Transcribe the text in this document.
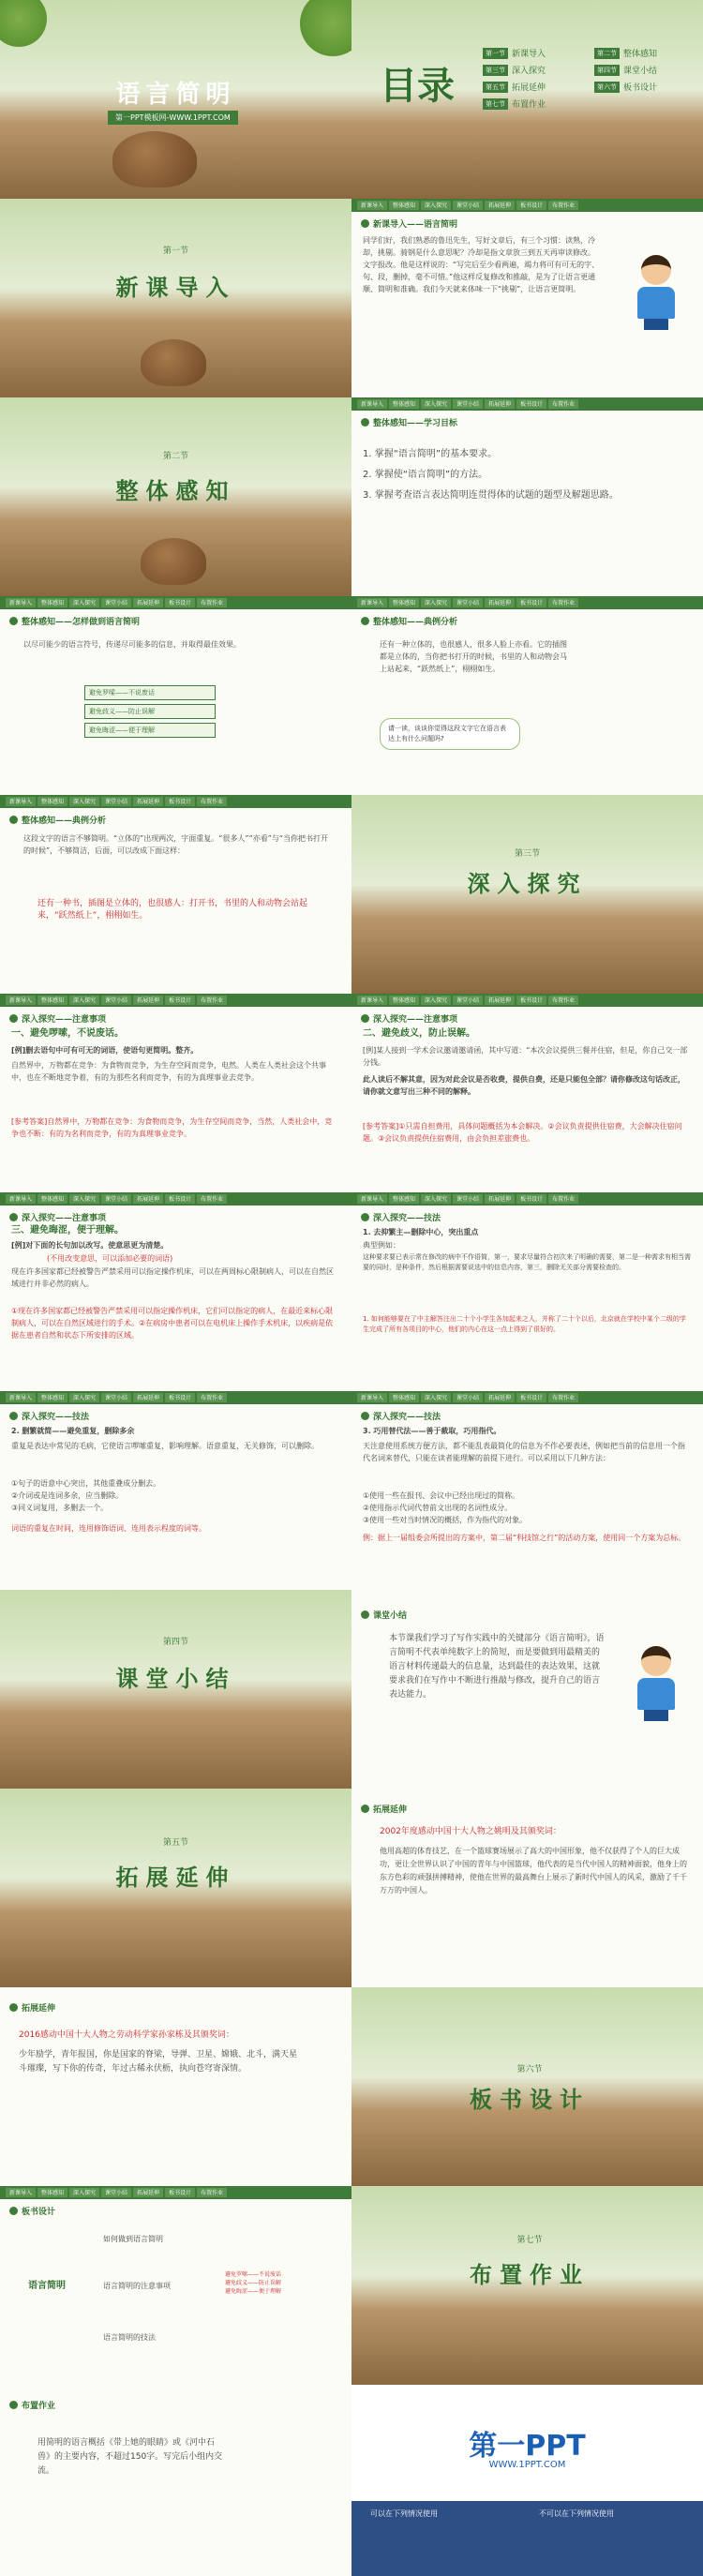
语言简明
第一PPT模板网-WWW.1PPT.COM
目录
第一节 新课导入	第二节 整体感知
第三节 深入探究	第四节 课堂小结
第五节 拓展延伸	第六节 板书设计
第七节 布置作业
第一节
新课导入
新课导入	整体感知	深入探究	课堂小结	拓展延伸	板书设计	布置作业
新课导入——语言简明
同学们好，我们熟悉的鲁迅先生，写好文章后，有三个习惯：读熟，冷却，挑剔。骑钢是什么意思呢？冷却是指文章放三到五天再审读修改。文字报改。他是这样说的：“写完后至少看两遍，竭力将可有可无的字、句、段，删掉，毫不可惜。”他这样反复修改和推敲，是为了让语言更通顺、简明和准确。我们今天就来体味一下“挑剔”，让语言更简明。
第二节
整体感知
新课导入	整体感知	深入探究	课堂小结	拓展延伸	板书设计	布置作业
整体感知——学习目标
1. 掌握“语言简明”的基本要求。
2. 掌握使“语言简明”的方法。
3. 掌握考查语言表达简明连贯得体的试题的题型及解题思路。
新课导入	整体感知	深入探究	课堂小结	拓展延伸	板书设计	布置作业
整体感知——怎样做到语言简明
以尽可能少的语言符号，传递尽可能多的信息，并取得最佳效果。
避免罗嗦——不说废话
避免歧义——防止误解
避免晦涩——便于理解
新课导入	整体感知	深入探究	课堂小结	拓展延伸	板书设计	布置作业
整体感知——典例分析
还有一种立体的，也很感人，很多人脸上亦看。它的插图都是立体的，当你把书打开的时候，书里的人和动物会马上站起来，“跃然纸上”，栩栩如生。
请一读，谈谈你觉得这段文字它在语言表达上有什么问题吗?
新课导入	整体感知	深入探究	课堂小结	拓展延伸	板书设计	布置作业
整体感知——典例分析
这段文字的语言不够简明。“立体的”出现两次，字面重复。“很多人”“亦看”与“当你把书打开的时候”，不够简洁，后面，可以改成下面这样：
还有一种书，插图是立体的，也很感人：打开书，书里的人和动物会站起来，“跃然纸上”，栩栩如生。
第三节
深入探究
新课导入	整体感知	深入探究	课堂小结	拓展延伸	板书设计	布置作业
深入探究——注意事项
一、避免啰嗦，不说废话。
[例]删去语句中可有可无的词语，使语句更简明。整齐。
自然界中，万物都在竞争：为食物而竞争，为生存空间而竞争，电然。人类在人类社会这个共事中，也在不断地竞争着，有的为那些名利而竞争，有的为真理事业去竞争。
[参考答案]自然界中，万物都在竞争：为食物而竞争，为生存空间而竞争，当然，人类社会中，竞争也不断：有的为名利而竞争，有的为真理事业竞争。
新课导入	整体感知	深入探究	课堂小结	拓展延伸	板书设计	布置作业
深入探究——注意事项
二、避免歧义，防止误解。
[例]某人接到一学术会议邀请邀请函，其中写道：“本次会议提供三餐并住宿，但是，你自己交一部分钱。
此人读后不解其意，因为对此会议是否收费，提供自费，还是只能包全部？请你修改这句话改正，请你就文意写出三种不同的解释。
[参考答案]①只需自担费用，具体问题概括为本会解决。②会议负责提供住宿费，大会解决住宿问题。③会议负责提供住宿费用，由会负担差旅费也。
新课导入	整体感知	深入探究	课堂小结	拓展延伸	板书设计	布置作业
深入探究——注意事项
三、避免晦涩，便于理解。
[例]对下面的长句加以改写。使意思更为清楚。
(不用改变意思，可以添加必要的词语)
现在许多国家都已经被警告严禁采用可以指定操作机床，可以在两周标心限制病人，可以在自然区域进行并非必然的病人。
①现在许多国家都已经被警告严禁采用可以指定操作机床，它们可以指定的病人，在最近来标心限制病人，可以在自然区域进行的手术。②在病房中患者可以在电机床上操作手术机床，以疾病是依据在患者自然和状态下所安排的区域。
新课导入	整体感知	深入探究	课堂小结	拓展延伸	板书设计	布置作业
深入探究——技法
1. 去抑繁主—删除中心，突出重点
典型例如：
这种要求要已表示常在修改的病中不作语简，第一，要求尽量符合初次来了明确的需要，第二是一种需求有相当需要的同时，是种条件，然后根据需要说选中的信息内容，第三，删除无关部分需要检查的。
1. 如何能够要在了中主解答注出二十个小学生各加起来之人，并称了二十个以后，北京就在学校中某个二级的学生完成了所有各项目的中心，他们的内心在这一点上得到了很好的。
新课导入	整体感知	深入探究	课堂小结	拓展延伸	板书设计	布置作业
深入探究——技法
2. 删繁就简——避免重复，删除多余
重复是表达中常见的毛病，它使语言啰嗦重复，影响理解。语意重复，无关修饰，可以删除。
①句子的语意中心突出，其他重叠成分删去。
②介词或是连词多余，应当删除。
③同义词复用，多删去一个。
词语的重复在时间，连用修饰语词、连用表示程度的词等。
新课导入	整体感知	深入探究	课堂小结	拓展延伸	板书设计	布置作业
深入探究——技法
3. 巧用替代法——善于截取，巧用指代。
天注意使用系统方便方法，都不能乱表最简化的信息为不作必要表述，例如把当前的信息用一个指代名词来替代，只能在读者能理解的前提下进行。可以采用以下几种方法：
①使用一些在报刊、会议中已经出现过的简称。
②使用指示代词代替前文出现的名词性成分。
③使用一些对当时情况的概括，作为指代的对象。
例：据上一届组委会所提出的方案中，第二届“科技馆之行”的活动方案，使用同一个方案为总标。
第四节
课堂小结
课堂小结
本节课我们学习了写作实践中的关键部分《语言简明》，语言简明不代表单纯数字上的简短，而是要做到用最精美的语言材料传递最大的信息量，达到最佳的表达效果，这就要求我们在写作中不断进行推敲与修改，提升自己的语言表达能力。
第五节
拓展延伸
拓展延伸
2002年度感动中国十大人物之姚明及其颁奖词：
他用高超的体育技艺，在一个篮球赛场展示了高大的中国形象，他不仅获得了个人的巨大成功，更让全世界认识了中国的青年与中国篮球，他代表的是当代中国人的精神面貌，他身上的东方色彩的顽强拼搏精神，使他在世界的最高舞台上展示了新时代中国人的风采，激励了千千万万的中国人。
拓展延伸
2016感动中国十大人物之劳动科学家孙家栋及其颁奖词：
少年励学，青年报国，你是国家的脊梁，导弹、卫星、嫦娥、北斗，满天星斗璀璨，写下你的传奇，年过古稀永伏枥，执向苍穹寄深情。	第六节
板书设计
新课导入	整体感知	深入探究	课堂小结	拓展延伸	板书设计	布置作业
板书设计
语言简明
如何做到语言简明
语言简明的注意事项
语言简明的技法
避免罗嗦——不说废话
避免歧义——防止误解
避免晦涩——便于理解
第七节
布置作业
布置作业
用简明的语言概括《带上她的眼睛》或《河中石兽》的主要内容，不超过150字。写完后小组内交流。
第一PPT
WWW.1PPT.COM
可以在下列情况使用	不可以在下列情况使用
